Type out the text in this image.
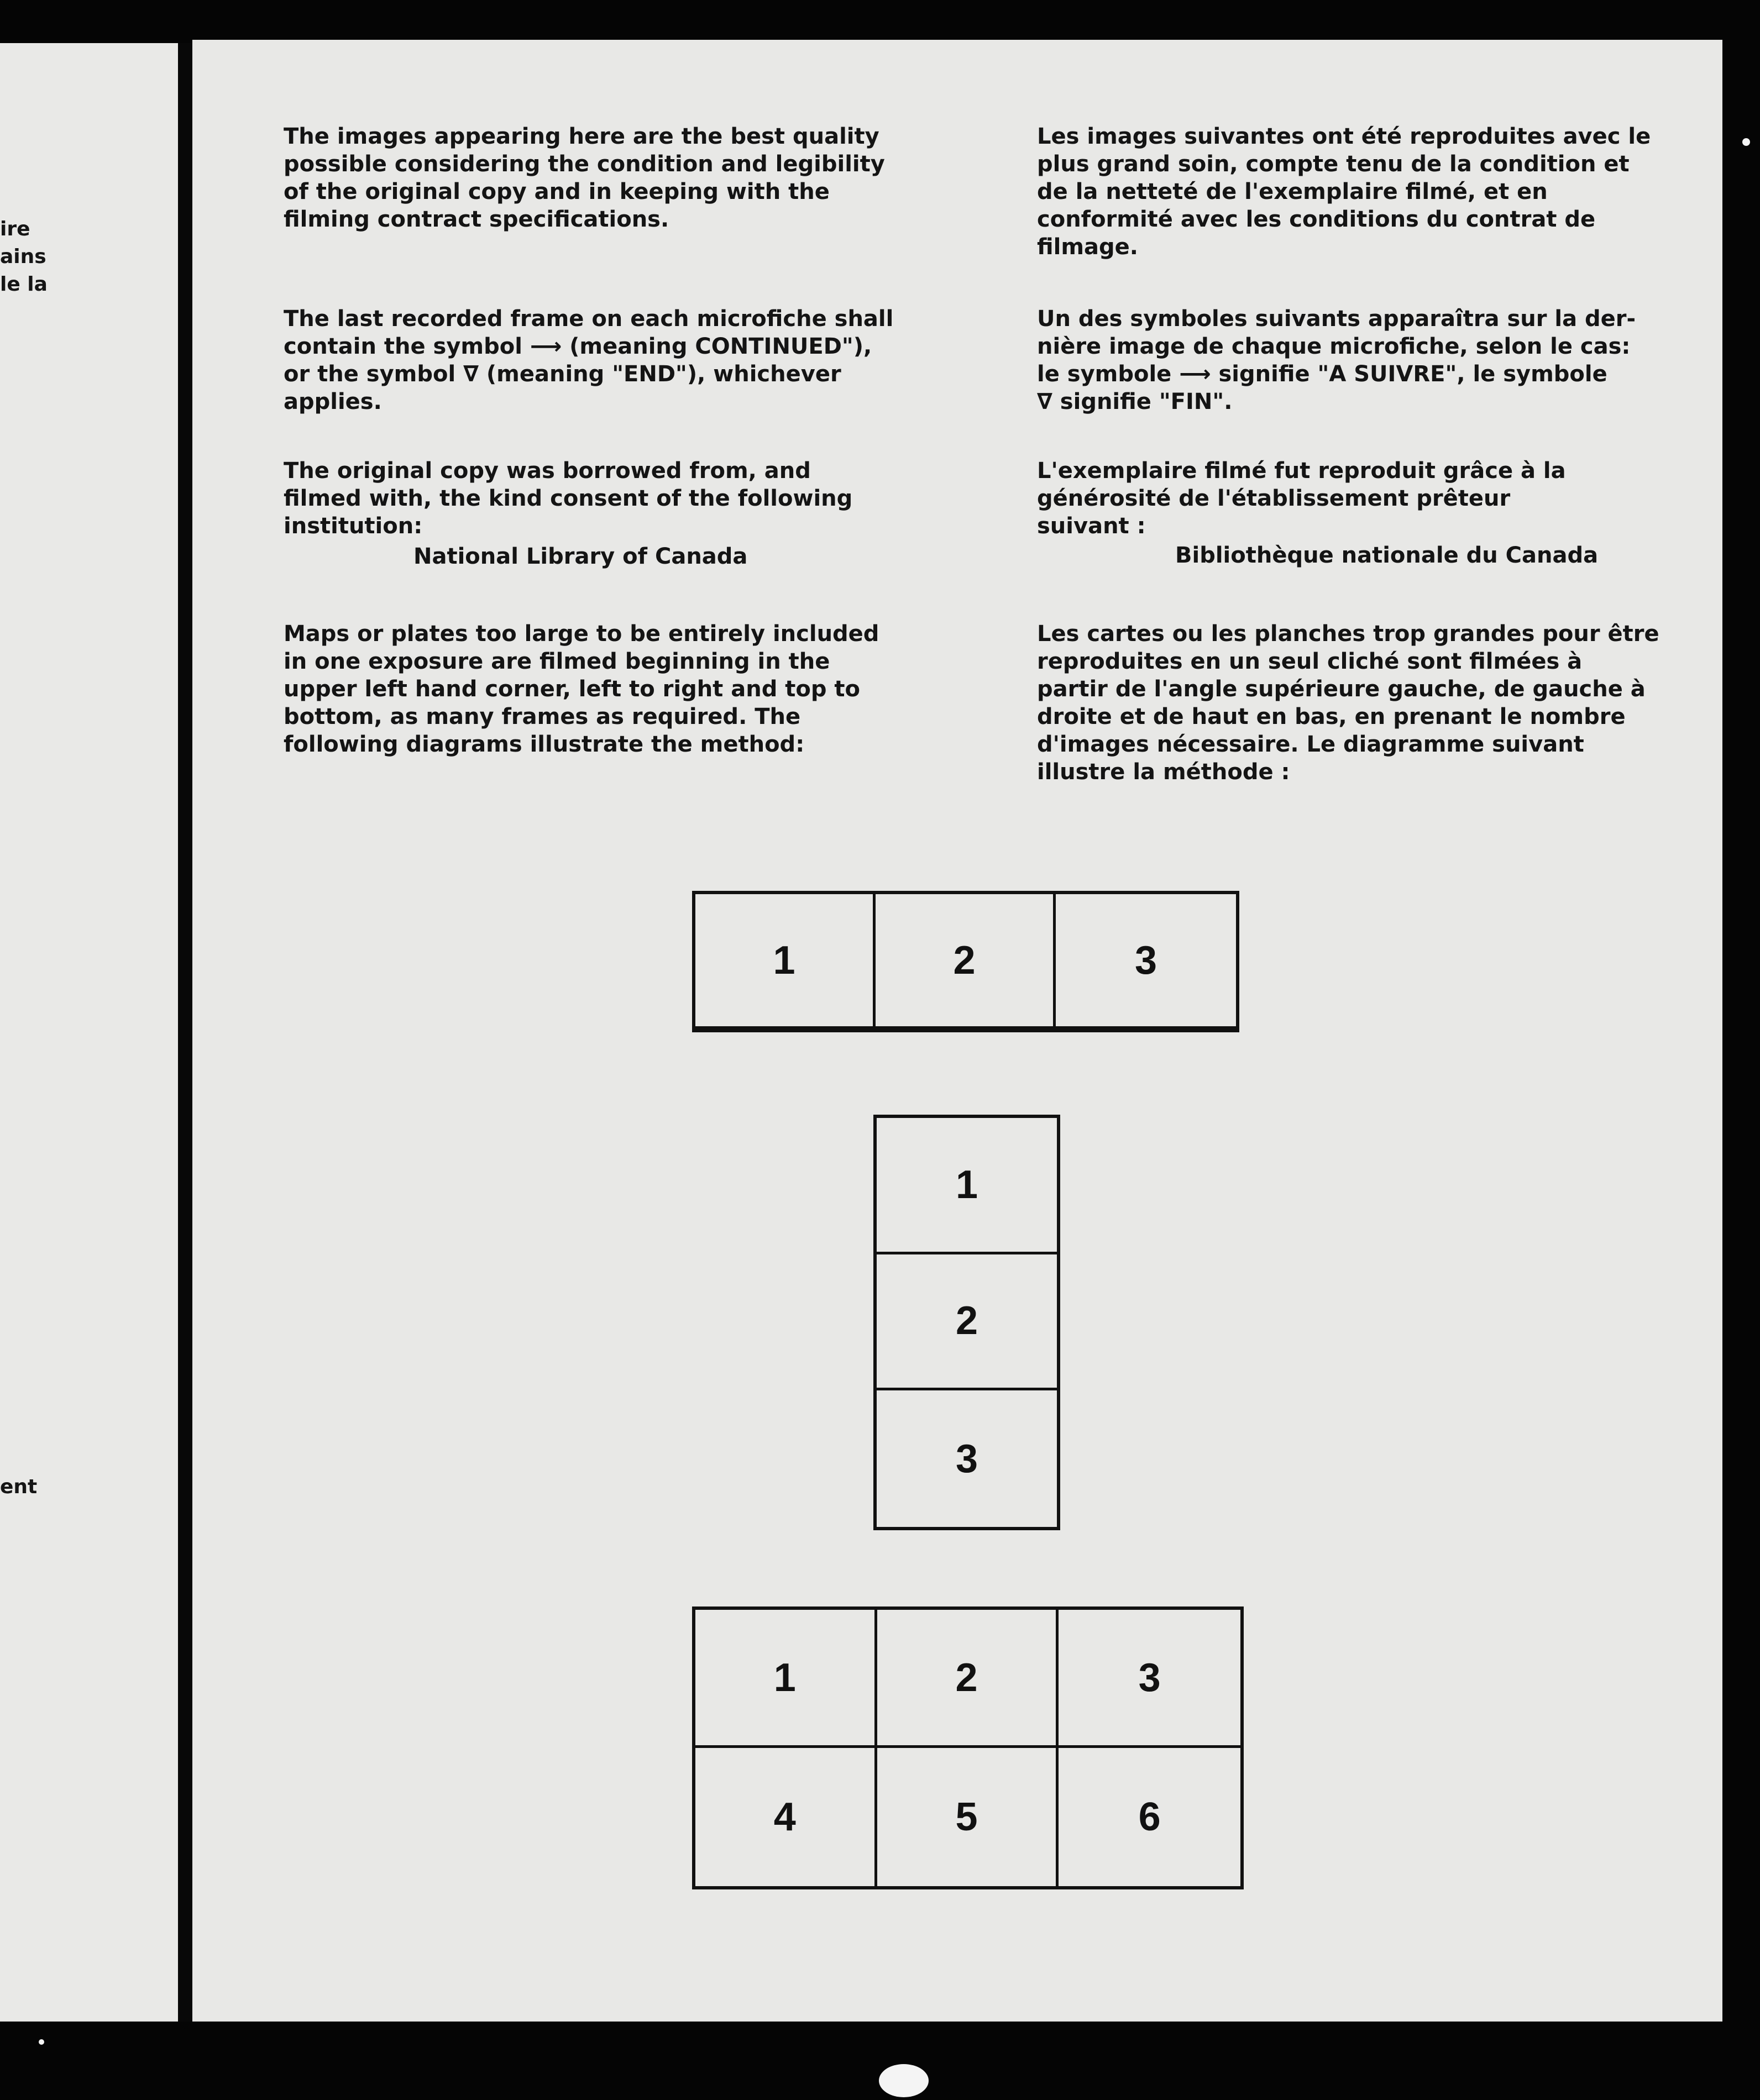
ire
ains
le la
ent

The images appearing here are the best quality
possible considering the condition and legibility
of the original copy and in keeping with the
filming contract specifications.

The last recorded frame on each microfiche shall
contain the symbol ⟶ (meaning CONTINUED"),
or the symbol ∇ (meaning "END"), whichever
applies.

The original copy was borrowed from, and
filmed with, the kind consent of the following
institution:

National Library of Canada

Maps or plates too large to be entirely included
in one exposure are filmed beginning in the
upper left hand corner, left to right and top to
bottom, as many frames as required. The
following diagrams illustrate the method:

Les images suivantes ont été reproduites avec le
plus grand soin, compte tenu de la condition et
de la netteté de l'exemplaire filmé, et en
conformité avec les conditions du contrat de
filmage.

Un des symboles suivants apparaîtra sur la der-
nière image de chaque microfiche, selon le cas:
le symbole ⟶ signifie "A SUIVRE", le symbole
∇ signifie "FIN".

L'exemplaire filmé fut reproduit grâce à la
générosité de l'établissement prêteur
suivant :

Bibliothèque nationale du Canada

Les cartes ou les planches trop grandes pour être
reproduites en un seul cliché sont filmées à
partir de l'angle supérieure gauche, de gauche à
droite et de haut en bas, en prenant le nombre
d'images nécessaire. Le diagramme suivant
illustre la méthode :

1	2	3
1
2
3
1	2	3
4	5	6
